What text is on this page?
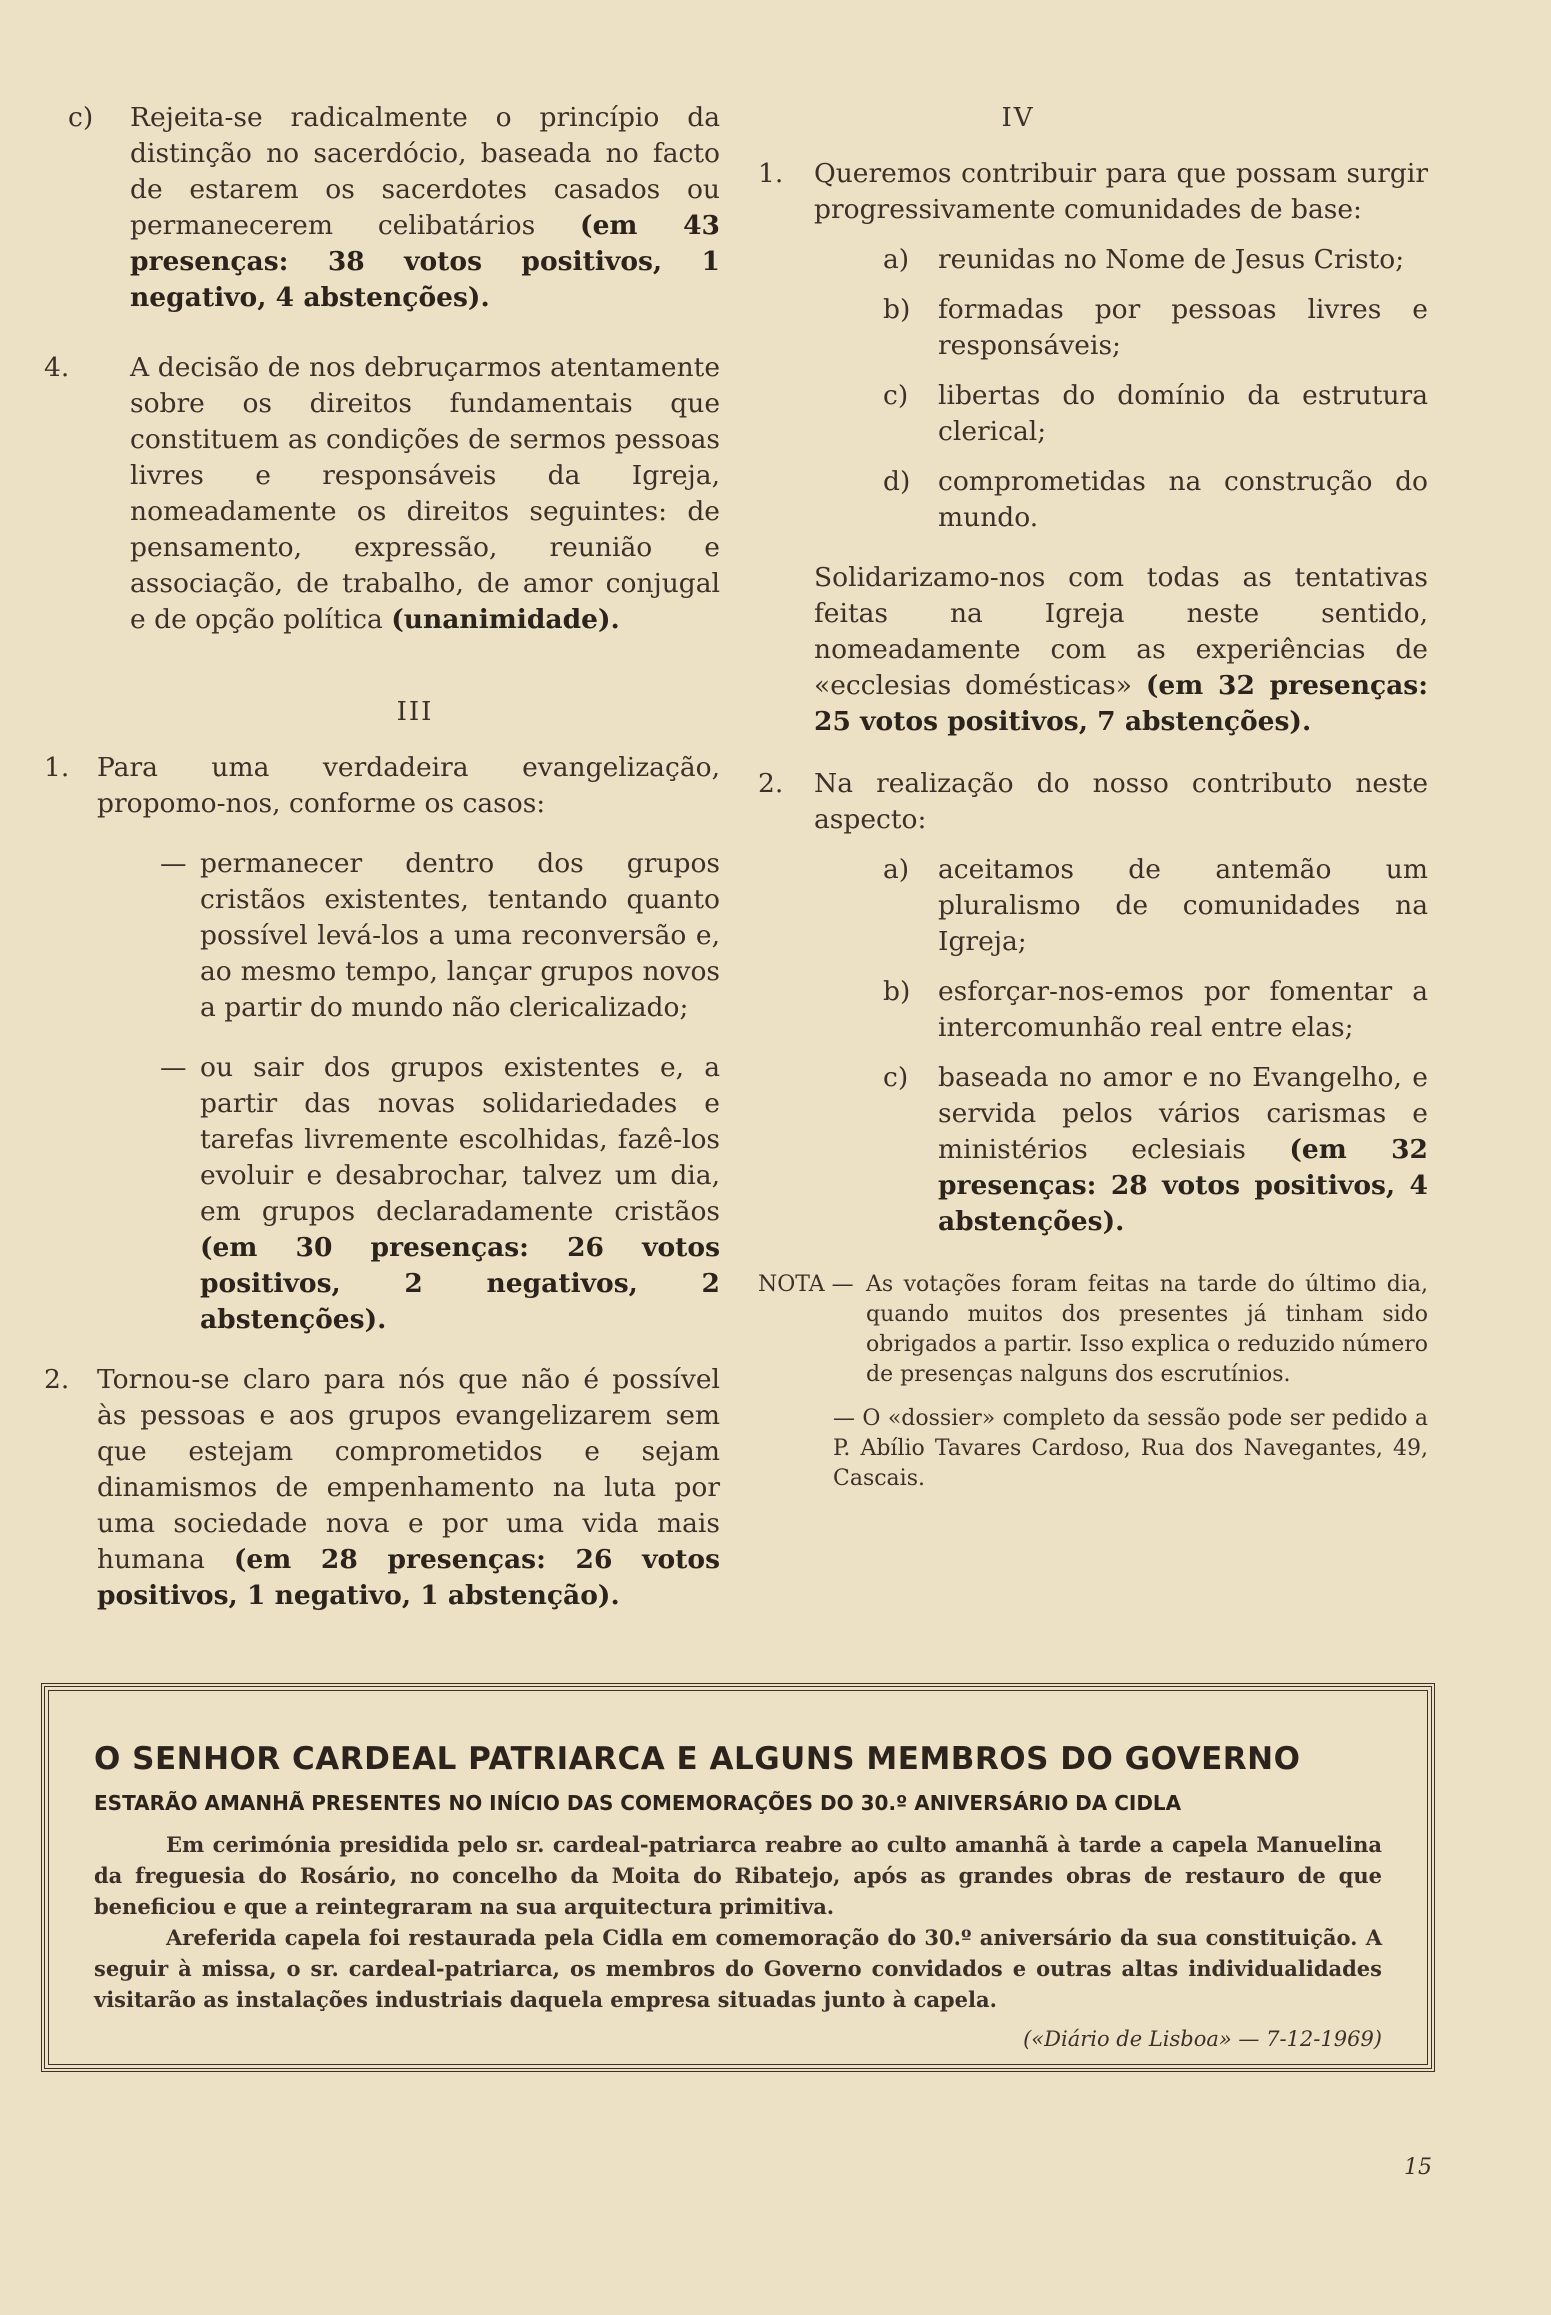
c) Rejeita-se radicalmente o princípio da distinção no sacerdócio, baseada no facto de estarem os sacerdotes casados ou permanecerem celibatários (em 43 presenças: 38 votos positivos, 1 negativo, 4 abstenções).
4. A decisão de nos debruçarmos atentamente sobre os direitos fundamentais que constituem as condições de sermos pessoas livres e responsáveis da Igreja, nomeadamente os direitos seguintes: de pensamento, expressão, reunião e associação, de trabalho, de amor conjugal e de opção política (unanimidade).
III
1. Para uma verdadeira evangelização, propomo-nos, conforme os casos:
— permanecer dentro dos grupos cristãos existentes, tentando quanto possível levá-los a uma reconversão e, ao mesmo tempo, lançar grupos novos a partir do mundo não clericalizado;
— ou sair dos grupos existentes e, a partir das novas solidariedades e tarefas livremente escolhidas, fazê-los evoluir e desabrochar, talvez um dia, em grupos declaradamente cristãos (em 30 presenças: 26 votos positivos, 2 negativos, 2 abstenções).
2. Tornou-se claro para nós que não é possível às pessoas e aos grupos evangelizarem sem que estejam comprometidos e sejam dinamismos de empenhamento na luta por uma sociedade nova e por uma vida mais humana (em 28 presenças: 26 votos positivos, 1 negativo, 1 abstenção).
IV
1. Queremos contribuir para que possam surgir progressivamente comunidades de base:
a) reunidas no Nome de Jesus Cristo;
b) formadas por pessoas livres e responsáveis;
c) libertas do domínio da estrutura clerical;
d) comprometidas na construção do mundo.
Solidarizamo-nos com todas as tentativas feitas na Igreja neste sentido, nomeadamente com as experiências de «ecclesias domésticas» (em 32 presenças: 25 votos positivos, 7 abstenções).
2. Na realização do nosso contributo neste aspecto:
a) aceitamos de antemão um pluralismo de comunidades na Igreja;
b) esforçar-nos-emos por fomentar a intercomunhão real entre elas;
c) baseada no amor e no Evangelho, e servida pelos vários carismas e ministérios eclesiais (em 32 presenças: 28 votos positivos, 4 abstenções).
NOTA — As votações foram feitas na tarde do último dia, quando muitos dos presentes já tinham sido obrigados a partir. Isso explica o reduzido número de presenças nalguns dos escrutínios.
— O «dossier» completo da sessão pode ser pedido a P. Abílio Tavares Cardoso, Rua dos Navegantes, 49, Cascais.
O SENHOR CARDEAL PATRIARCA E ALGUNS MEMBROS DO GOVERNO
ESTARÃO AMANHÃ PRESENTES NO INÍCIO DAS COMEMORAÇÕES DO 30.º ANIVERSÁRIO DA CIDLA

Em cerimónia presidida pelo sr. cardeal-patriarca reabre ao culto amanhã à tarde a capela Manuelina da freguesia do Rosário, no concelho da Moita do Ribatejo, após as grandes obras de restauro de que beneficiou e que a reintegraram na sua arquitectura primitiva.

Areferida capela foi restaurada pela Cidla em comemoração do 30.º aniversário da sua constituição. A seguir à missa, o sr. cardeal-patriarca, os membros do Governo convidados e outras altas individualidades visitarão as instalações industriais daquela empresa situadas junto à capela.

(«Diário de Lisboa» — 7-12-1969)
15
